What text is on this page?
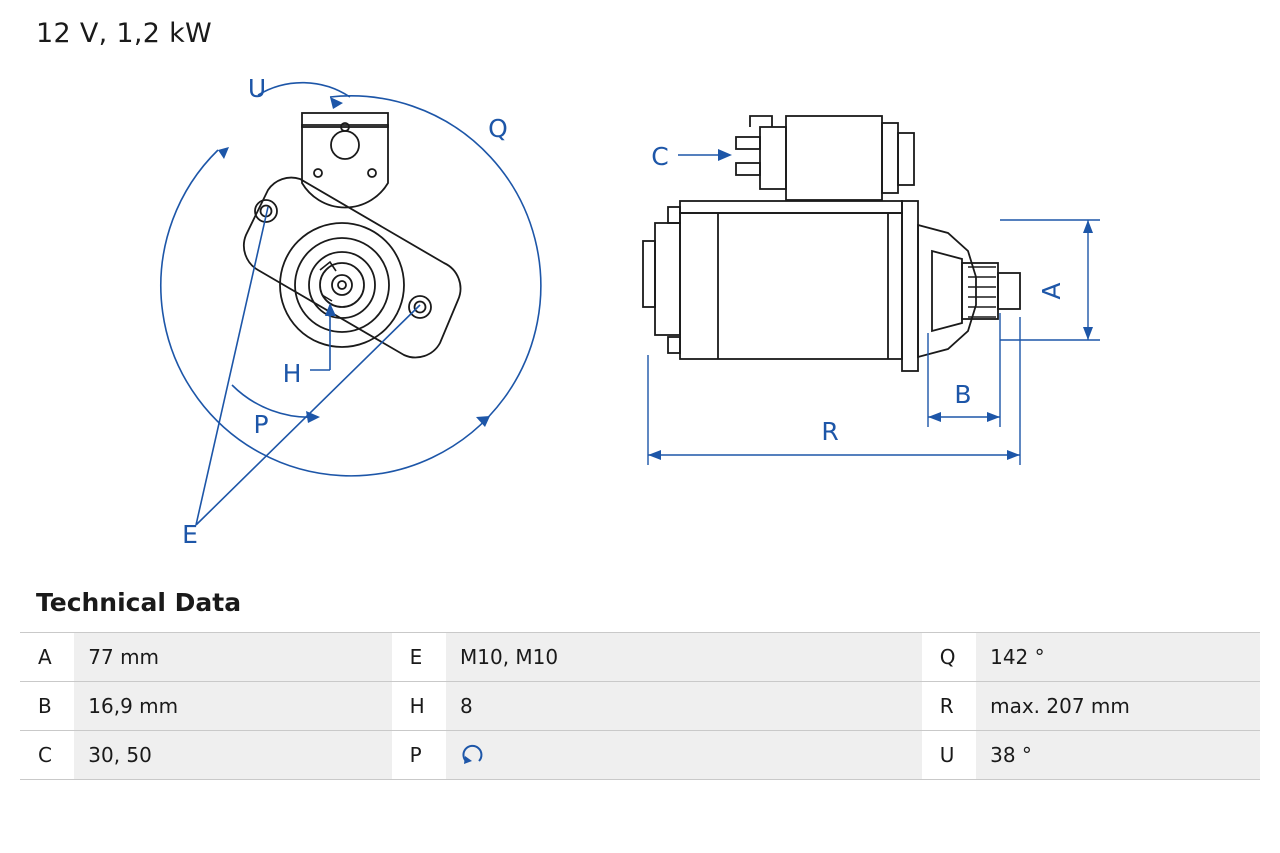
12 V, 1,2 kW
U
Q
H
P
E
C
A
B
R
Technical Data
A	77 mm	E	M10, M10	Q	142 °
B	16,9 mm	H	8	R	max. 207 mm
C	30, 50	P		U	38 °
